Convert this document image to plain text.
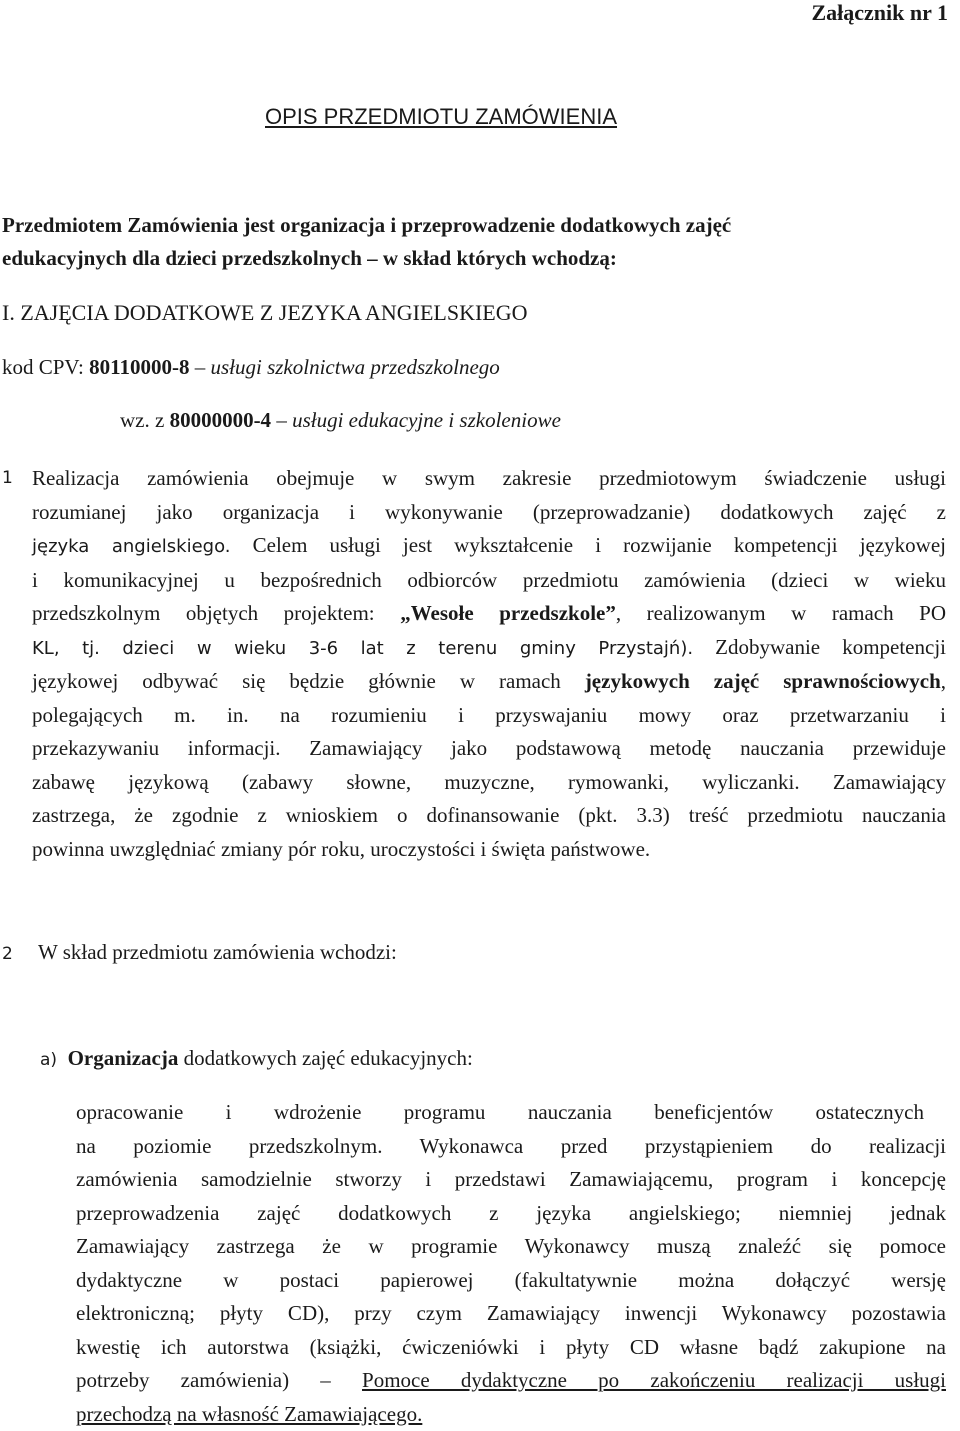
Załącznik nr 1
OPIS PRZEDMIOTU ZAMÓWIENIA
Przedmiotem Zamówienia jest organizacja i przeprowadzenie dodatkowych zajęć
edukacyjnych dla dzieci przedszkolnych – w skład których wchodzą:
I. ZAJĘCIA DODATKOWE Z JEZYKA ANGIELSKIEGO
kod CPV: 80110000-8 – usługi szkolnictwa przedszkolnego
wz. z 80000000-4 – usługi edukacyjne i szkoleniowe
1 Realizacja zamówienia obejmuje w swym zakresie przedmiotowym świadczenie usługi
rozumianej jako organizacja i wykonywanie (przeprowadzanie) dodatkowych zajęć z
języka angielskiego. Celem usługi jest wykształcenie i rozwijanie kompetencji językowej
i komunikacyjnej u bezpośrednich odbiorców przedmiotu zamówienia (dzieci w wieku
przedszkolnym objętych projektem: „Wesołe przedszkole”, realizowanym w ramach PO
KL, tj. dzieci w wieku 3-6 lat z terenu gminy Przystajń). Zdobywanie kompetencji
językowej odbywać się będzie głównie w ramach językowych zajęć sprawnościowych,
polegających m. in. na rozumieniu i przyswajaniu mowy oraz przetwarzaniu i
przekazywaniu informacji. Zamawiający jako podstawową metodę nauczania przewiduje
zabawę językową (zabawy słowne, muzyczne, rymowanki, wyliczanki. Zamawiający
zastrzega, że zgodnie z wnioskiem o dofinansowanie (pkt. 3.3) treść przedmiotu nauczania
powinna uwzględniać zmiany pór roku, uroczystości i święta państwowe.
2 W skład przedmiotu zamówienia wchodzi:
a) Organizacja dodatkowych zajęć edukacyjnych:
opracowanie i wdrożenie programu nauczania beneficjentów ostatecznych
na poziomie przedszkolnym. Wykonawca przed przystąpieniem do realizacji
zamówienia samodzielnie stworzy i przedstawi Zamawiającemu, program i koncepcję
przeprowadzenia zajęć dodatkowych z języka angielskiego; niemniej jednak
Zamawiający zastrzega że w programie Wykonawcy muszą znaleźć się pomoce
dydaktyczne w postaci papierowej (fakultatywnie można dołączyć wersję
elektroniczną; płyty CD), przy czym Zamawiający inwencji Wykonawcy pozostawia
kwestię ich autorstwa (książki, ćwiczeniówki i płyty CD własne bądź zakupione na
potrzeby zamówienia) – Pomoce dydaktyczne po zakończeniu realizacji usługi
przechodzą na własność Zamawiającego.
